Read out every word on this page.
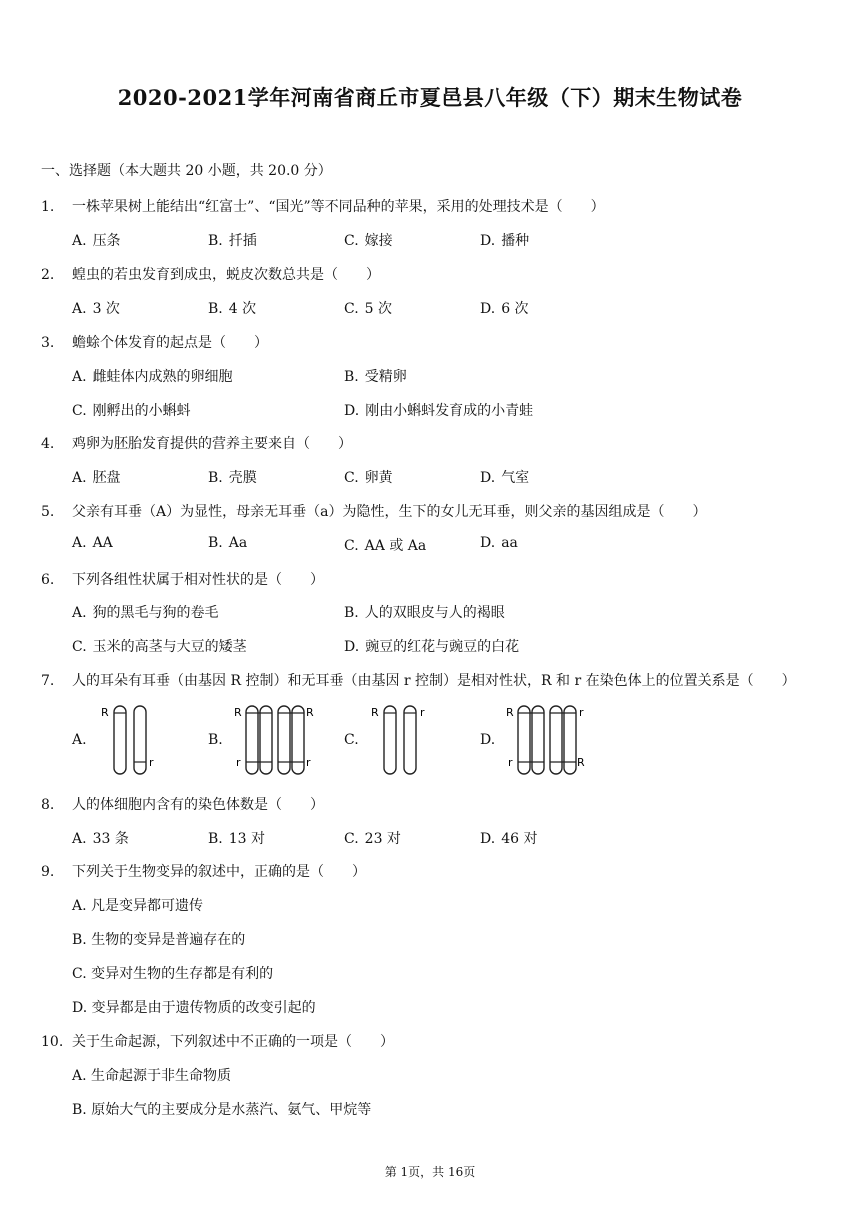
2020-2021学年河南省商丘市夏邑县八年级（下）期末生物试卷
一、选择题（本大题共 20 小题，共 20.0 分）
1. 一株苹果树上能结出“红富士”、“国光”等不同品种的苹果，采用的处理技术是（　　）
A. 压条	B. 扦插	C. 嫁接	D. 播种
2. 蝗虫的若虫发育到成虫，蜕皮次数总共是（　　）
A. 3 次	B. 4 次	C. 5 次	D. 6 次
3. 蟾蜍个体发育的起点是（　　）
A. 雌蛙体内成熟的卵细胞	B. 受精卵
C. 刚孵出的小蝌蚪	D. 刚由小蝌蚪发育成的小青蛙
4. 鸡卵为胚胎发育提供的营养主要来自（　　）
A. 胚盘	B. 壳膜	C. 卵黄	D. 气室
5. 父亲有耳垂（A）为显性，母亲无耳垂（a）为隐性，生下的女儿无耳垂，则父亲的基因组成是（　　）
A. AA	B. Aa	C. AA 或 Aa	D. aa
6. 下列各组性状属于相对性状的是（　　）
A. 狗的黑毛与狗的卷毛	B. 人的双眼皮与人的褐眼
C. 玉米的高茎与大豆的矮茎	D. 豌豆的红花与豌豆的白花
7. 人的耳朵有耳垂（由基因 R 控制）和无耳垂（由基因 r 控制）是相对性状，R 和 r 在染色体上的位置关系是（　　）
A.
R
r
B.
R	R
r	r
C.
R	r
D.
R	r
r	R
8. 人的体细胞内含有的染色体数是（　　）
A. 33 条	B. 13 对	C. 23 对	D. 46 对
9. 下列关于生物变异的叙述中，正确的是（　　）
A. 凡是变异都可遗传
B. 生物的变异是普遍存在的
C. 变异对生物的生存都是有利的
D. 变异都是由于遗传物质的改变引起的
10. 关于生命起源，下列叙述中不正确的一项是（　　）
A. 生命起源于非生命物质
B. 原始大气的主要成分是水蒸汽、氨气、甲烷等
第 1页，共 16页
